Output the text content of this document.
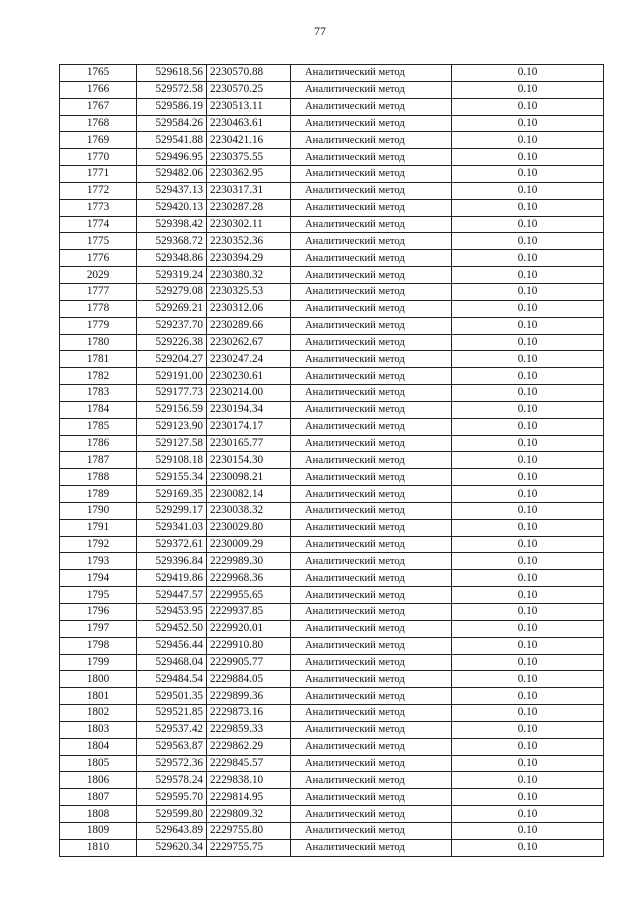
77
1765	529618.56	2230570.88	Аналитический метод	0.10
1766	529572.58	2230570.25	Аналитический метод	0.10
1767	529586.19	2230513.11	Аналитический метод	0.10
1768	529584.26	2230463.61	Аналитический метод	0.10
1769	529541.88	2230421.16	Аналитический метод	0.10
1770	529496.95	2230375.55	Аналитический метод	0.10
1771	529482.06	2230362.95	Аналитический метод	0.10
1772	529437.13	2230317.31	Аналитический метод	0.10
1773	529420.13	2230287.28	Аналитический метод	0.10
1774	529398.42	2230302.11	Аналитический метод	0.10
1775	529368.72	2230352.36	Аналитический метод	0.10
1776	529348.86	2230394.29	Аналитический метод	0.10
2029	529319.24	2230380.32	Аналитический метод	0.10
1777	529279.08	2230325.53	Аналитический метод	0.10
1778	529269.21	2230312.06	Аналитический метод	0.10
1779	529237.70	2230289.66	Аналитический метод	0.10
1780	529226.38	2230262.67	Аналитический метод	0.10
1781	529204.27	2230247.24	Аналитический метод	0.10
1782	529191.00	2230230.61	Аналитический метод	0.10
1783	529177.73	2230214.00	Аналитический метод	0.10
1784	529156.59	2230194.34	Аналитический метод	0.10
1785	529123.90	2230174.17	Аналитический метод	0.10
1786	529127.58	2230165.77	Аналитический метод	0.10
1787	529108.18	2230154.30	Аналитический метод	0.10
1788	529155.34	2230098.21	Аналитический метод	0.10
1789	529169.35	2230082.14	Аналитический метод	0.10
1790	529299.17	2230038.32	Аналитический метод	0.10
1791	529341.03	2230029.80	Аналитический метод	0.10
1792	529372.61	2230009.29	Аналитический метод	0.10
1793	529396.84	2229989.30	Аналитический метод	0.10
1794	529419.86	2229968.36	Аналитический метод	0.10
1795	529447.57	2229955.65	Аналитический метод	0.10
1796	529453.95	2229937.85	Аналитический метод	0.10
1797	529452.50	2229920.01	Аналитический метод	0.10
1798	529456.44	2229910.80	Аналитический метод	0.10
1799	529468.04	2229905.77	Аналитический метод	0.10
1800	529484.54	2229884.05	Аналитический метод	0.10
1801	529501.35	2229899.36	Аналитический метод	0.10
1802	529521.85	2229873.16	Аналитический метод	0.10
1803	529537.42	2229859.33	Аналитический метод	0.10
1804	529563.87	2229862.29	Аналитический метод	0.10
1805	529572.36	2229845.57	Аналитический метод	0.10
1806	529578.24	2229838.10	Аналитический метод	0.10
1807	529595.70	2229814.95	Аналитический метод	0.10
1808	529599.80	2229809.32	Аналитический метод	0.10
1809	529643.89	2229755.80	Аналитический метод	0.10
1810	529620.34	2229755.75	Аналитический метод	0.10
